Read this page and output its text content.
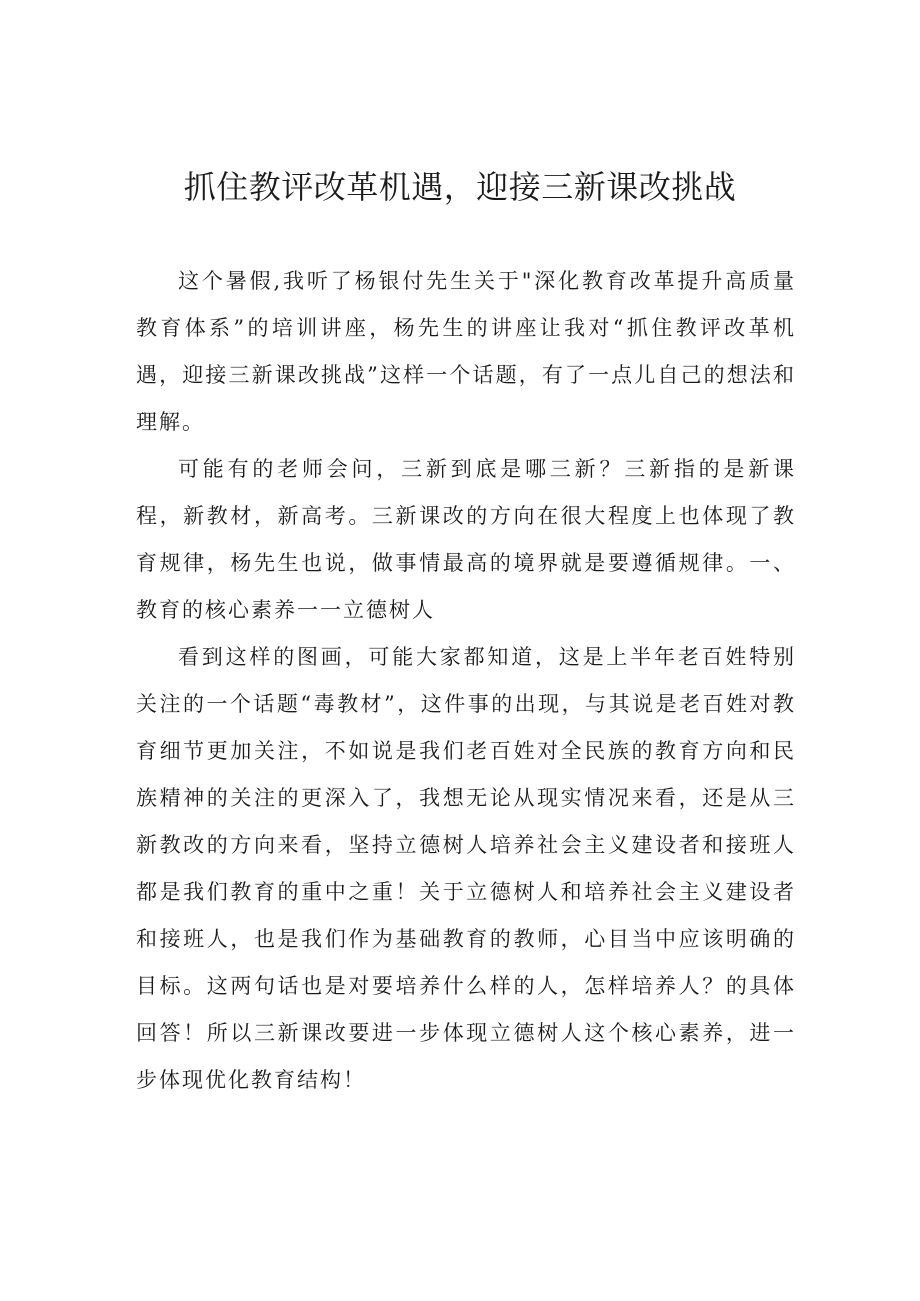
抓住教评改革机遇，迎接三新课改挑战

这个暑假,我听了杨银付先生关于"深化教育改革提升高质量教育体系”的培训讲座，杨先生的讲座让我对“抓住教评改革机遇，迎接三新课改挑战”这样一个话题，有了一点儿自己的想法和理解。

可能有的老师会问，三新到底是哪三新？三新指的是新课程，新教材，新高考。三新课改的方向在很大程度上也体现了教育规律，杨先生也说，做事情最高的境界就是要遵循规律。一、教育的核心素养一一立德树人

看到这样的图画，可能大家都知道，这是上半年老百姓特别关注的一个话题“毒教材”，这件事的出现，与其说是老百姓对教育细节更加关注，不如说是我们老百姓对全民族的教育方向和民族精神的关注的更深入了，我想无论从现实情况来看，还是从三新教改的方向来看，坚持立德树人培养社会主义建设者和接班人都是我们教育的重中之重！关于立德树人和培养社会主义建设者和接班人，也是我们作为基础教育的教师，心目当中应该明确的目标。这两句话也是对要培养什么样的人，怎样培养人？的具体回答！所以三新课改要进一步体现立德树人这个核心素养，进一步体现优化教育结构！
